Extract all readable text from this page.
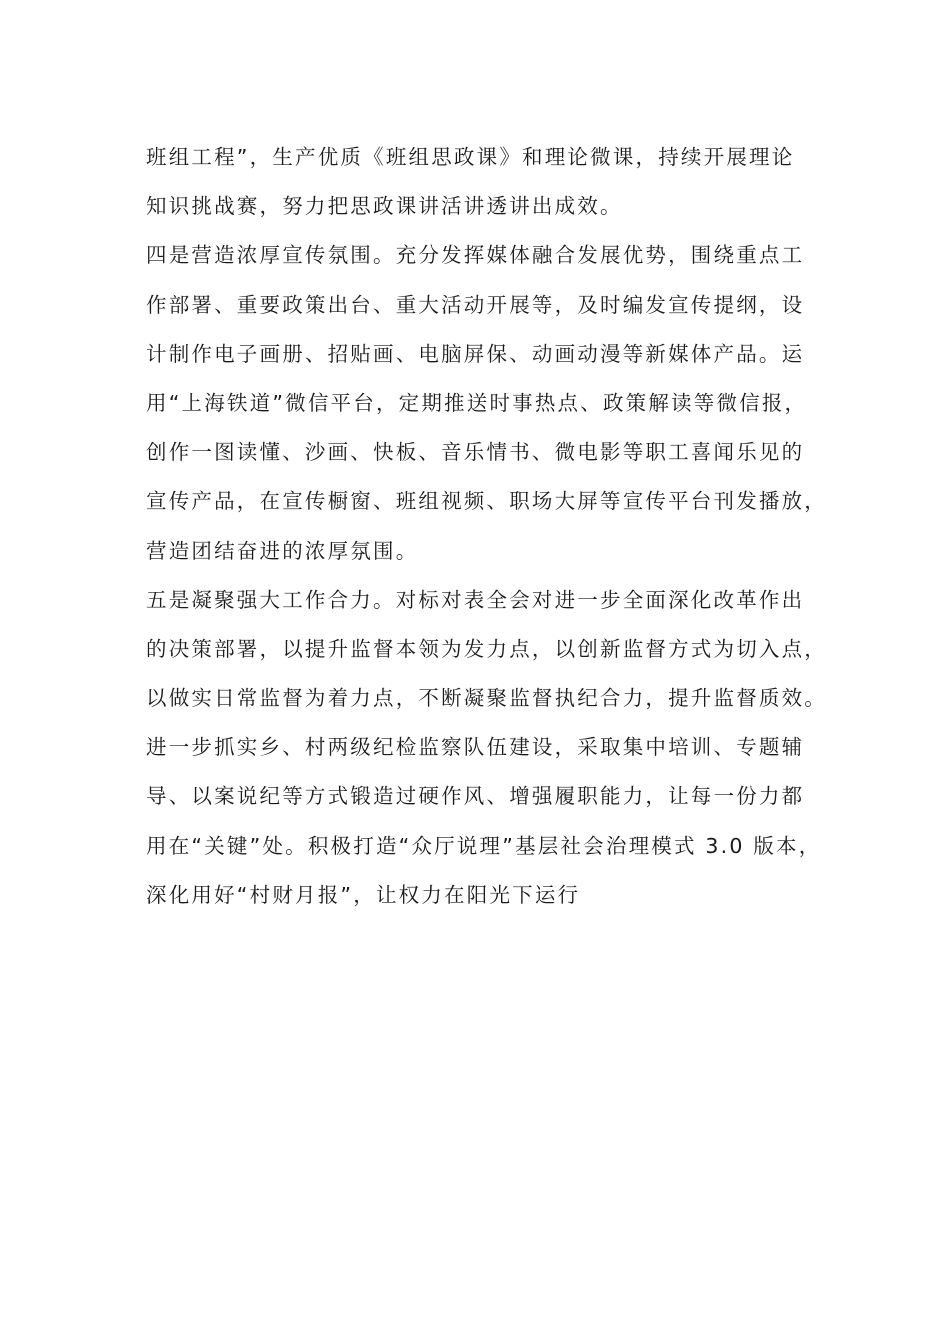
班组工程”，生产优质《班组思政课》和理论微课，持续开展理论
知识挑战赛，努力把思政课讲活讲透讲出成效。
四是营造浓厚宣传氛围。充分发挥媒体融合发展优势，围绕重点工
作部署、重要政策出台、重大活动开展等，及时编发宣传提纲，设
计制作电子画册、招贴画、电脑屏保、动画动漫等新媒体产品。运
用“上海铁道”微信平台，定期推送时事热点、政策解读等微信报，
创作一图读懂、沙画、快板、音乐情书、微电影等职工喜闻乐见的
宣传产品，在宣传橱窗、班组视频、职场大屏等宣传平台刊发播放，
营造团结奋进的浓厚氛围。
五是凝聚强大工作合力。对标对表全会对进一步全面深化改革作出
的决策部署，以提升监督本领为发力点，以创新监督方式为切入点，
以做实日常监督为着力点，不断凝聚监督执纪合力，提升监督质效。
进一步抓实乡、村两级纪检监察队伍建设，采取集中培训、专题辅
导、以案说纪等方式锻造过硬作风、增强履职能力，让每一份力都
用在“关键”处。积极打造“众厅说理”基层社会治理模式 3.0 版本，
深化用好“村财月报”，让权力在阳光下运行
